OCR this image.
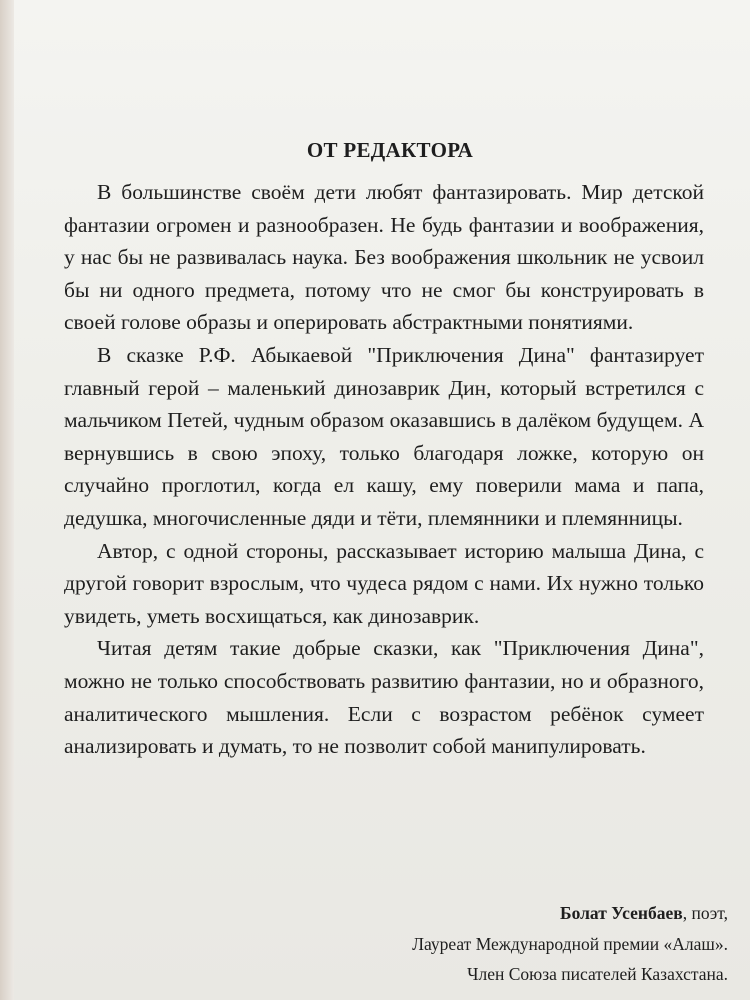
ОТ РЕДАКТОРА

В большинстве своём дети любят фантазировать. Мир детской фантазии огромен и разнообразен. Не будь фантазии и воображения, у нас бы не развивалась наука. Без воображения школьник не усвоил бы ни одного предмета, потому что не смог бы конструировать в своей голове образы и оперировать абстрактными понятиями.

В сказке Р.Ф. Абыкаевой "Приключения Дина" фантазирует главный герой – маленький динозаврик Дин, который встретился с мальчиком Петей, чудным образом оказавшись в далёком будущем. А вернувшись в свою эпоху, только благодаря ложке, которую он случайно проглотил, когда ел кашу, ему поверили мама и папа, дедушка, многочисленные дяди и тёти, племянники и племянницы.

Автор, с одной стороны, рассказывает историю малыша Дина, с другой говорит взрослым, что чудеса рядом с нами. Их нужно только увидеть, уметь восхищаться, как динозаврик.

Читая детям такие добрые сказки, как "Приключения Дина", можно не только способствовать развитию фантазии, но и образного, аналитического мышления. Если с возрастом ребёнок сумеет анализировать и думать, то не позволит собой манипулировать.

Болат Усенбаев, поэт,
Лауреат Международной премии «Алаш».
Член Союза писателей Казахстана.
